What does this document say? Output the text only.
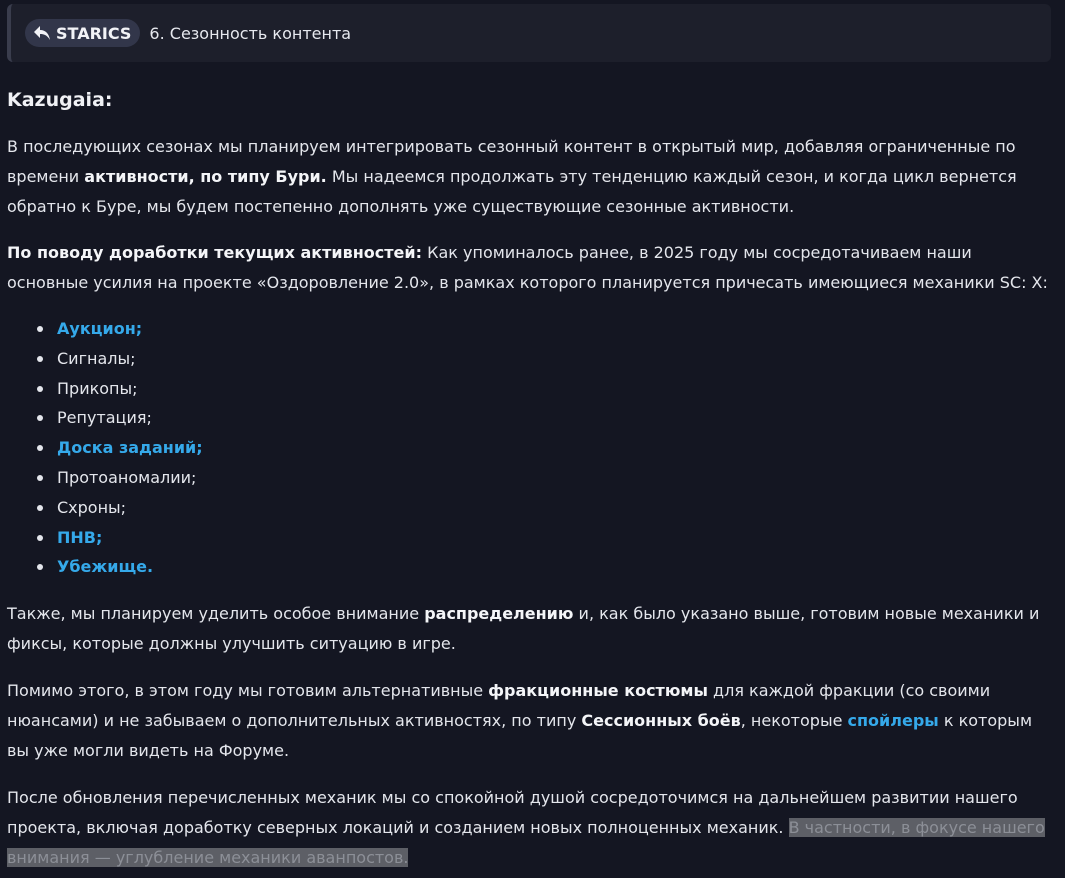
STARICS 6. Сезонность контента
Kazugaia:

В последующих сезонах мы планируем интегрировать сезонный контент в открытый мир, добавляя ограниченные по времени активности, по типу Бури. Мы надеемся продолжать эту тенденцию каждый сезон, и когда цикл вернется обратно к Буре, мы будем постепенно дополнять уже существующие сезонные активности.

По поводу доработки текущих активностей: Как упоминалось ранее, в 2025 году мы сосредотачиваем наши основные усилия на проекте «Оздоровление 2.0», в рамках которого планируется причесать имеющиеся механики SC: X:

Аукцион;
Сигналы;
Прикопы;
Репутация;
Доска заданий;
Протоаномалии;
Схроны;
ПНВ;
Убежище.

Также, мы планируем уделить особое внимание распределению и, как было указано выше, готовим новые механики и фиксы, которые должны улучшить ситуацию в игре.

Помимо этого, в этом году мы готовим альтернативные фракционные костюмы для каждой фракции (со своими нюансами) и не забываем о дополнительных активностях, по типу Сессионных боёв, некоторые спойлеры к которым вы уже могли видеть на Форуме.

После обновления перечисленных механик мы со спокойной душой сосредоточимся на дальнейшем развитии нашего проекта, включая доработку северных локаций и созданием новых полноценных механик. В частности, в фокусе нашего внимания — углубление механики аванпостов.
